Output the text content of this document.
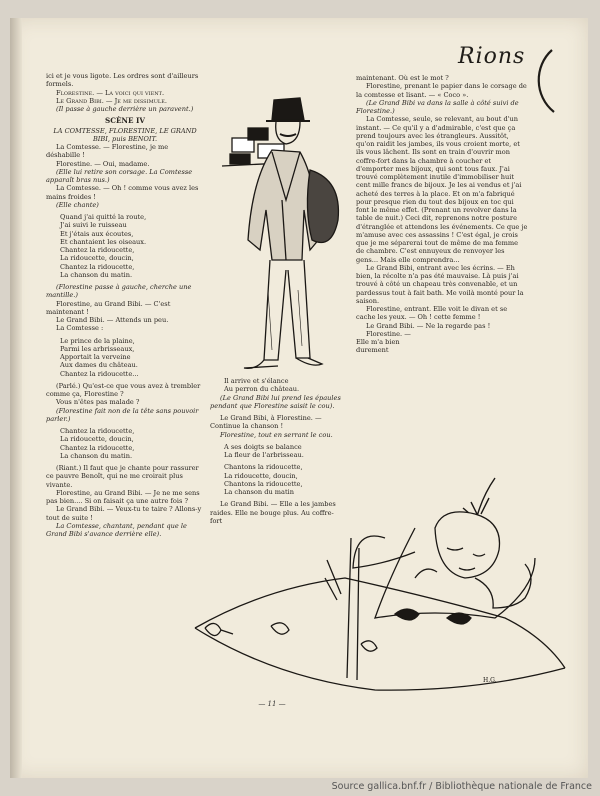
Rions

ici et je vous ligote. Les ordres sont d'ailleurs formels.

Florestine. — La voici qui vient.

Le Grand Bibi. — Je me dissimule.

(Il passe à gauche derrière un paravent.)

SCÈNE IV

LA COMTESSE, FLORESTINE, LE GRAND BIBI, puis BENOIT.

La Comtesse. — Florestine, je me déshabille !

Florestine. — Oui, madame.

(Elle lui retire son corsage. La Comtesse apparaît bras nus.)

La Comtesse. — Oh ! comme vous avez les mains froides !

(Elle chante)

Quand j'ai quitté la route,

J'ai suivi le ruisseau

Et j'étais aux écoutes,

Et chantaient les oiseaux.

Chantez la ridoucette,

La ridoucette, doucin,

Chantez la ridoucette,

La chanson du matin.

(Florestine passe à gauche, cherche une mantille.)

Florestine, au Grand Bibi. — C'est maintenant !

Le Grand Bibi. — Attends un peu.

La Comtesse :

Le prince de la plaine,

Parmi les arbrisseaux,

Apportait la verveine

Aux dames du château.

Chantez la ridoucette...

(Parlé.) Qu'est-ce que vous avez à trembler comme ça, Florestine ?

Vous n'êtes pas malade ?

(Florestine fait non de la tête sans pouvoir parler.)

Chantez la ridoucette,

La ridoucette, doucin,

Chantez la ridoucette,

La chanson du matin.

(Riant.) Il faut que je chante pour rassurer ce pauvre Benoît, qui ne me croirait plus vivante.

Florestine, au Grand Bibi. — Je ne me sens pas bien.... Si on faisait ça une autre fois ?

Le Grand Bibi. — Veux-tu te taire ? Allons-y tout de suite !

La Comtesse, chantant, pendant que le Grand Bibi s'avance derrière elle).

Il arrive et s'élance

Au perron du château.

(Le Grand Bibi lui prend les épaules pendant que Florestine saisit le cou).

Le Grand Bibi, à Florestine. — Continue la chanson !

Florestine, tout en serrant le cou.

A ses doigts se balance

La fleur de l'arbrisseau.

Chantons la ridoucette,

La ridoucette, doucin,

Chantons la ridoucette,

La chanson du matin

Le Grand Bibi. — Elle a les jambes raides. Elle ne bouge plus. Au coffre-fort

maintenant. Où est le mot ?

Florestine, prenant le papier dans le corsage de la comtesse et lisant. — « Coco ».

(Le Grand Bibi va dans la salle à côté suivi de Florestine.)

La Comtesse, seule, se relevant, au bout d'un instant. — Ce qu'il y a d'admirable, c'est que ça prend toujours avec les étrangleurs. Aussitôt, qu'on raidit les jambes, ils vous croient morte, et ils vous lâchent. Ils sont en train d'ouvrir mon coffre-fort dans la chambre à coucher et d'emporter mes bijoux, qui sont tous faux. J'ai trouvé complètement inutile d'immobiliser huit cent mille francs de bijoux. Je les ai vendus et j'ai acheté des terres à la place. Et on m'a fabriqué pour presque rien du tout des bijoux en toc qui font le même effet. (Prenant un revolver dans la table de nuit.) Ceci dit, reprenons notre posture d'étranglée et attendons les événements. Ce que je m'amuse avec ces assassins ! C'est égal, je crois que je me séparerai tout de même de ma femme de chambre. C'est ennuyeux de renvoyer les gens... Mais elle comprendra...

Le Grand Bibi, entrant avec les écrins. — Eh bien, la récolte n'a pas été mauvaise. Là puis j'ai trouvé à côté un chapeau très convenable, et un pardessus tout à fait bath. Me voilà monté pour la saison.

Florestine, entrant. Elle voit le divan et se cache les yeux. — Oh ! cette femme !

Le Grand Bibi. — Ne la regarde pas !

Florestine. — Elle m'a bien durement

H.G.
— 11 —
Source gallica.bnf.fr / Bibliothèque nationale de France
